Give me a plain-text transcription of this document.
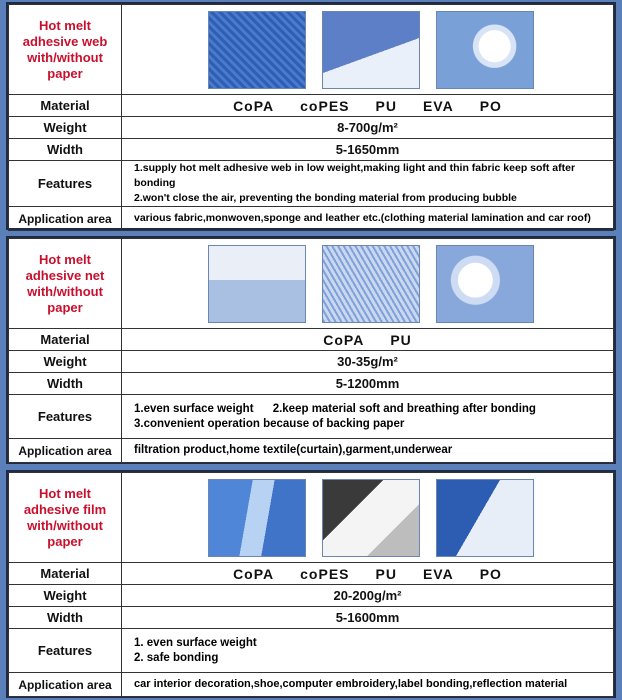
Hot melt
adhesive web
with/without
paper	

Material	CoPA coPES PU EVA PO

Weight	8-700g/m²
Width	5-1650mm
Features	1.supply hot melt adhesive web in low weight,making light and thin fabric keep soft after bonding
2.won't close the air, preventing the bonding material from producing bubble

Application area	various fabric,monwoven,sponge and leather etc.(clothing material lamination and car roof)
Hot melt
adhesive net
with/without
paper	

Material	CoPA PU

Weight	30-35g/m²
Width	5-1200mm
Features	1.even surface weight      2.keep material soft and breathing after bonding
3.convenient operation because of backing paper

Application area	filtration product,home textile(curtain),garment,underwear
Hot melt
adhesive film
with/without
paper	

Material	CoPA coPES PU EVA PO

Weight	20-200g/m²
Width	5-1600mm
Features	1. even surface weight
2. safe bonding

Application area	car interior decoration,shoe,computer embroidery,label bonding,reflection material
